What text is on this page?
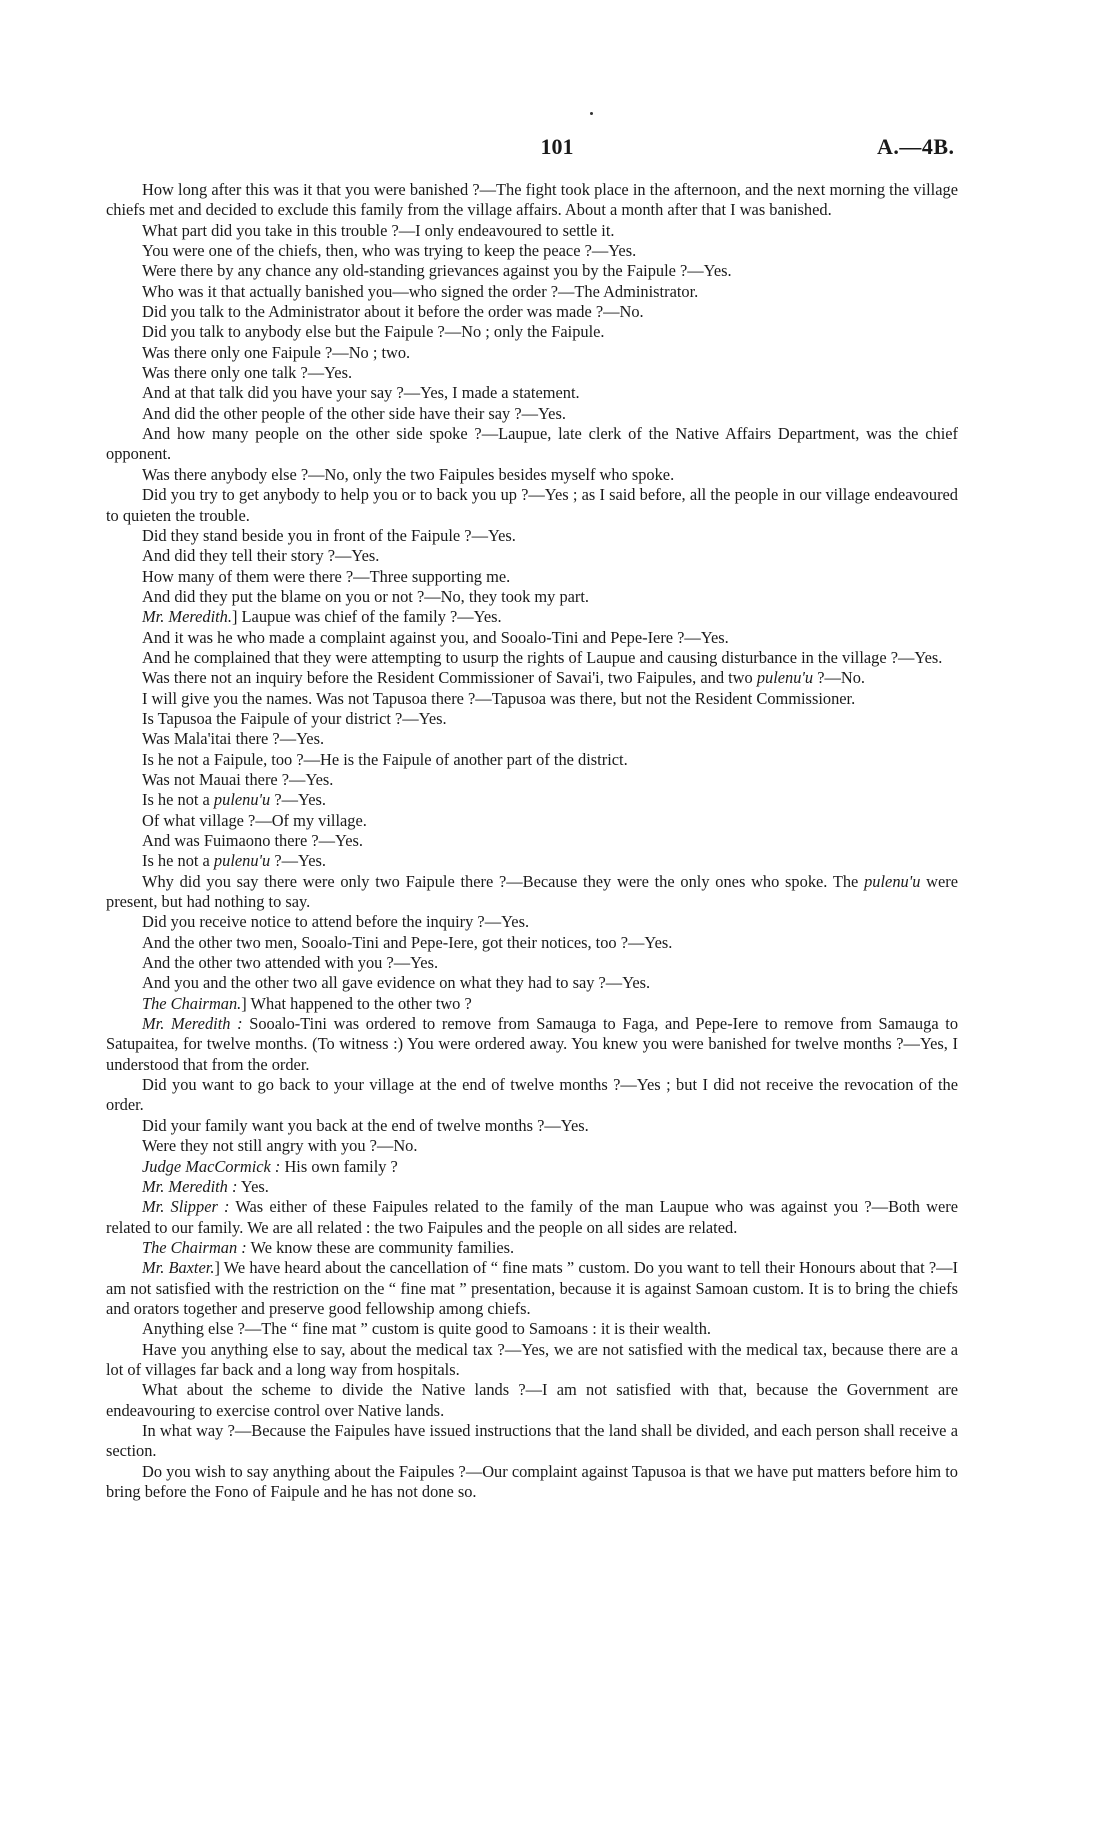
101	A.—4B.

How long after this was it that you were banished ?—The fight took place in the afternoon, and the next morning the village chiefs met and decided to exclude this family from the village affairs. About a month after that I was banished.

What part did you take in this trouble ?—I only endeavoured to settle it.

You were one of the chiefs, then, who was trying to keep the peace ?—Yes.

Were there by any chance any old-standing grievances against you by the Faipule ?—Yes.

Who was it that actually banished you—who signed the order ?—The Administrator.

Did you talk to the Administrator about it before the order was made ?—No.

Did you talk to anybody else but the Faipule ?—No ; only the Faipule.

Was there only one Faipule ?—No ; two.

Was there only one talk ?—Yes.

And at that talk did you have your say ?—Yes, I made a statement.

And did the other people of the other side have their say ?—Yes.

And how many people on the other side spoke ?—Laupue, late clerk of the Native Affairs Department, was the chief opponent.

Was there anybody else ?—No, only the two Faipules besides myself who spoke.

Did you try to get anybody to help you or to back you up ?—Yes ; as I said before, all the people in our village endeavoured to quieten the trouble.

Did they stand beside you in front of the Faipule ?—Yes.

And did they tell their story ?—Yes.

How many of them were there ?—Three supporting me.

And did they put the blame on you or not ?—No, they took my part.

Mr. Meredith.] Laupue was chief of the family ?—Yes.

And it was he who made a complaint against you, and Sooalo-Tini and Pepe-Iere ?—Yes.

And he complained that they were attempting to usurp the rights of Laupue and causing disturbance in the village ?—Yes.

Was there not an inquiry before the Resident Commissioner of Savai'i, two Faipules, and two pulenu'u ?—No.

I will give you the names. Was not Tapusoa there ?—Tapusoa was there, but not the Resident Commissioner.

Is Tapusoa the Faipule of your district ?—Yes.

Was Mala'itai there ?—Yes.

Is he not a Faipule, too ?—He is the Faipule of another part of the district.

Was not Mauai there ?—Yes.

Is he not a pulenu'u ?—Yes.

Of what village ?—Of my village.

And was Fuimaono there ?—Yes.

Is he not a pulenu'u ?—Yes.

Why did you say there were only two Faipule there ?—Because they were the only ones who spoke. The pulenu'u were present, but had nothing to say.

Did you receive notice to attend before the inquiry ?—Yes.

And the other two men, Sooalo-Tini and Pepe-Iere, got their notices, too ?—Yes.

And the other two attended with you ?—Yes.

And you and the other two all gave evidence on what they had to say ?—Yes.

The Chairman.] What happened to the other two ?

Mr. Meredith : Sooalo-Tini was ordered to remove from Samauga to Faga, and Pepe-Iere to remove from Samauga to Satupaitea, for twelve months. (To witness :) You were ordered away. You knew you were banished for twelve months ?—Yes, I understood that from the order.

Did you want to go back to your village at the end of twelve months ?—Yes ; but I did not receive the revocation of the order.

Did your family want you back at the end of twelve months ?—Yes.

Were they not still angry with you ?—No.

Judge MacCormick : His own family ?

Mr. Meredith : Yes.

Mr. Slipper : Was either of these Faipules related to the family of the man Laupue who was against you ?—Both were related to our family. We are all related : the two Faipules and the people on all sides are related.

The Chairman : We know these are community families.

Mr. Baxter.] We have heard about the cancellation of “ fine mats ” custom. Do you want to tell their Honours about that ?—I am not satisfied with the restriction on the “ fine mat ” presentation, because it is against Samoan custom. It is to bring the chiefs and orators together and preserve good fellowship among chiefs.

Anything else ?—The “ fine mat ” custom is quite good to Samoans : it is their wealth.

Have you anything else to say, about the medical tax ?—Yes, we are not satisfied with the medical tax, because there are a lot of villages far back and a long way from hospitals.

What about the scheme to divide the Native lands ?—I am not satisfied with that, because the Government are endeavouring to exercise control over Native lands.

In what way ?—Because the Faipules have issued instructions that the land shall be divided, and each person shall receive a section.

Do you wish to say anything about the Faipules ?—Our complaint against Tapusoa is that we have put matters before him to bring before the Fono of Faipule and he has not done so.
